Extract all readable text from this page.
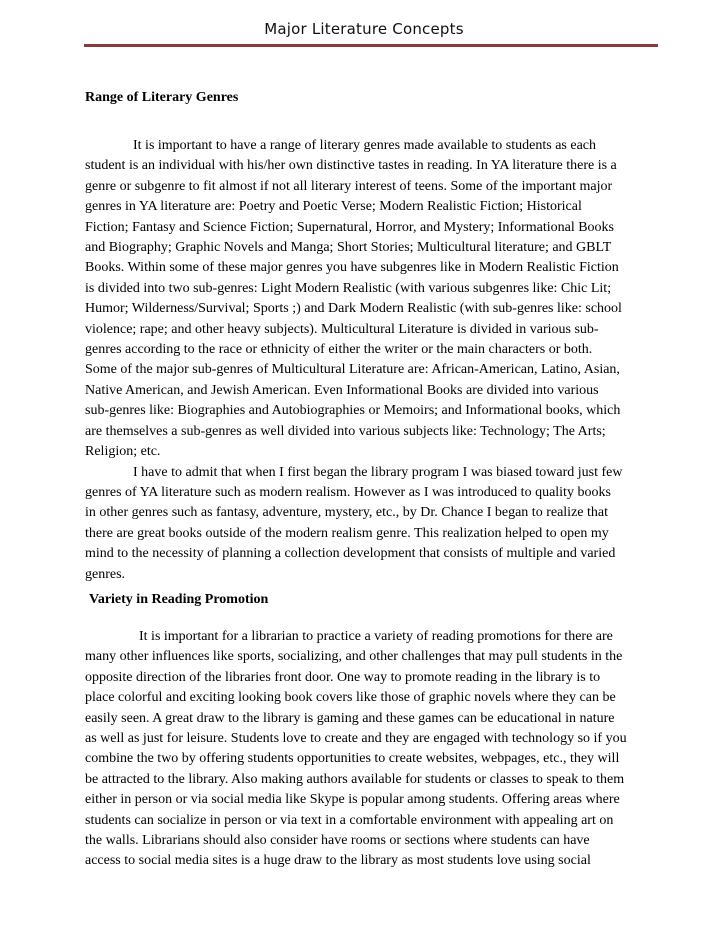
Major Literature Concepts
Range of Literary Genres
It is important to have a range of literary genres made available to students as each
student is an individual with his/her own distinctive tastes in reading. In YA literature there is a
genre or subgenre to fit almost if not all literary interest of teens. Some of the important major
genres in YA literature are: Poetry and Poetic Verse; Modern Realistic Fiction; Historical
Fiction; Fantasy and Science Fiction; Supernatural, Horror, and Mystery; Informational Books
and Biography; Graphic Novels and Manga; Short Stories; Multicultural literature; and GBLT
Books. Within some of these major genres you have subgenres like in Modern Realistic Fiction
is divided into two sub-genres: Light Modern Realistic (with various subgenres like: Chic Lit;
Humor; Wilderness/Survival; Sports ;) and Dark Modern Realistic (with sub-genres like: school
violence; rape; and other heavy subjects). Multicultural Literature is divided in various sub-
genres according to the race or ethnicity of either the writer or the main characters or both.
Some of the major sub-genres of Multicultural Literature are: African-American, Latino, Asian,
Native American, and Jewish American. Even Informational Books are divided into various
sub-genres like: Biographies and Autobiographies or Memoirs; and Informational books, which
are themselves a sub-genres as well divided into various subjects like: Technology; The Arts;
Religion; etc.
I have to admit that when I first began the library program I was biased toward just few
genres of YA literature such as modern realism. However as I was introduced to quality books
in other genres such as fantasy, adventure, mystery, etc., by Dr. Chance I began to realize that
there are great books outside of the modern realism genre. This realization helped to open my
mind to the necessity of planning a collection development that consists of multiple and varied
genres.
Variety in Reading Promotion
It is important for a librarian to practice a variety of reading promotions for there are
many other influences like sports, socializing, and other challenges that may pull students in the
opposite direction of the libraries front door. One way to promote reading in the library is to
place colorful and exciting looking book covers like those of graphic novels where they can be
easily seen. A great draw to the library is gaming and these games can be educational in nature
as well as just for leisure. Students love to create and they are engaged with technology so if you
combine the two by offering students opportunities to create websites, webpages, etc., they will
be attracted to the library. Also making authors available for students or classes to speak to them
either in person or via social media like Skype is popular among students. Offering areas where
students can socialize in person or via text in a comfortable environment with appealing art on
the walls. Librarians should also consider have rooms or sections where students can have
access to social media sites is a huge draw to the library as most students love using social
